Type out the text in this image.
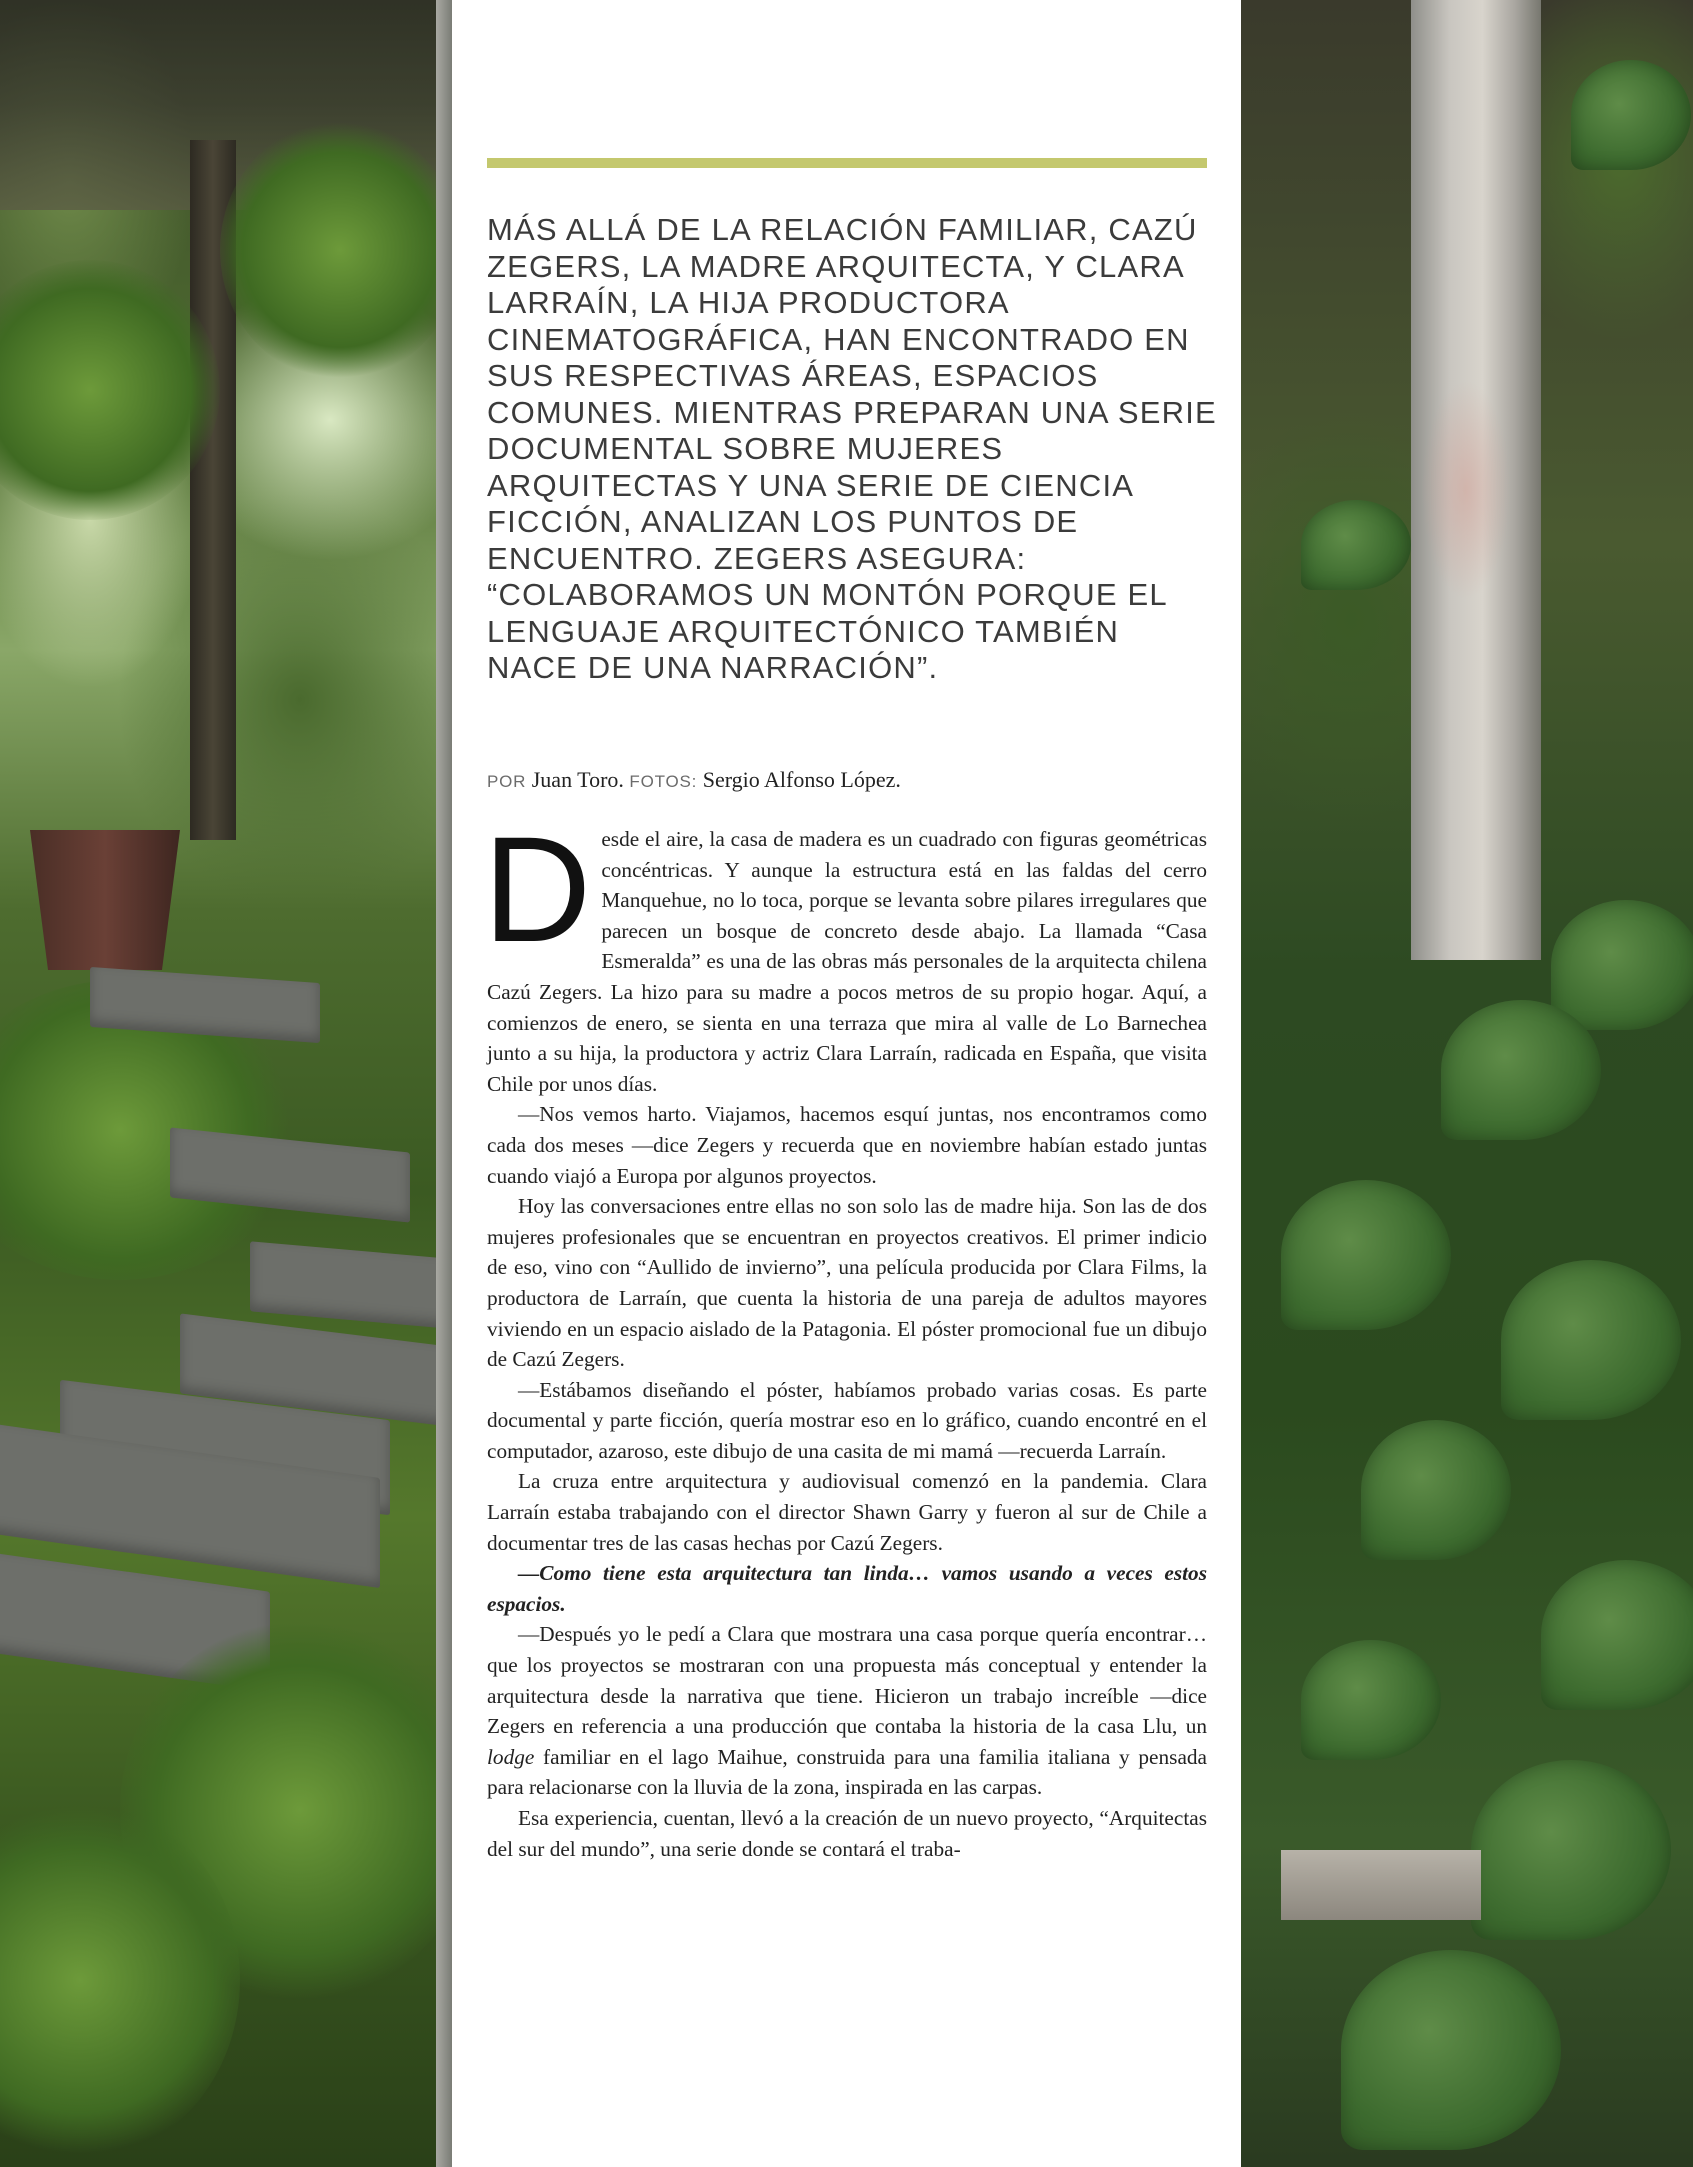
MÁS ALLÁ DE LA RELACIÓN FAMILIAR, CAZÚ ZEGERS, LA MADRE ARQUITECTA, Y CLARA LARRAÍN, LA HIJA PRODUCTORA CINEMATOGRÁFICA, HAN ENCONTRADO EN SUS RESPECTIVAS ÁREAS, ESPACIOS COMUNES. MIENTRAS PREPARAN UNA SERIE DOCUMENTAL SOBRE MUJERES ARQUITECTAS Y UNA SERIE DE CIENCIA FICCIÓN, ANALIZAN LOS PUNTOS DE ENCUENTRO. ZEGERS ASEGURA: “COLABORAMOS UN MONTÓN PORQUE EL LENGUAJE ARQUITECTÓNICO TAMBIÉN NACE DE UNA NARRACIÓN”.

POR Juan Toro. FOTOS: Sergio Alfonso López.

Desde el aire, la casa de madera es un cuadrado con figuras geométricas concéntricas. Y aunque la estructura está en las faldas del cerro Manquehue, no lo toca, porque se levanta sobre pilares irregulares que parecen un bosque de concreto desde abajo. La llamada “Casa Esmeralda” es una de las obras más personales de la arquitecta chilena Cazú Zegers. La hizo para su madre a pocos metros de su propio hogar. Aquí, a comienzos de enero, se sienta en una terraza que mira al valle de Lo Barnechea junto a su hija, la productora y actriz Clara Larraín, radicada en España, que visita Chile por unos días.

—Nos vemos harto. Viajamos, hacemos esquí juntas, nos encontramos como cada dos meses —dice Zegers y recuerda que en noviembre habían estado juntas cuando viajó a Europa por algunos proyectos.

Hoy las conversaciones entre ellas no son solo las de madre hija. Son las de dos mujeres profesionales que se encuentran en proyectos creativos. El primer indicio de eso, vino con “Aullido de invierno”, una película producida por Clara Films, la productora de Larraín, que cuenta la historia de una pareja de adultos mayores viviendo en un espacio aislado de la Patagonia. El póster promocional fue un dibujo de Cazú Zegers.

—Estábamos diseñando el póster, habíamos probado varias cosas. Es parte documental y parte ficción, quería mostrar eso en lo gráfico, cuando encontré en el computador, azaroso, este dibujo de una casita de mi mamá —recuerda Larraín.

La cruza entre arquitectura y audiovisual comenzó en la pandemia. Clara Larraín estaba trabajando con el director Shawn Garry y fueron al sur de Chile a documentar tres de las casas hechas por Cazú Zegers.

—Como tiene esta arquitectura tan linda… vamos usando a veces estos espacios.

—Después yo le pedí a Clara que mostrara una casa porque quería encontrar… que los proyectos se mostraran con una propuesta más conceptual y entender la arquitectura desde la narrativa que tiene. Hicieron un trabajo increíble —dice Zegers en referencia a una producción que contaba la historia de la casa Llu, un lodge familiar en el lago Maihue, construida para una familia italiana y pensada para relacionarse con la lluvia de la zona, inspirada en las carpas.

Esa experiencia, cuentan, llevó a la creación de un nuevo proyecto, “Arquitectas del sur del mundo”, una serie donde se contará el traba-
